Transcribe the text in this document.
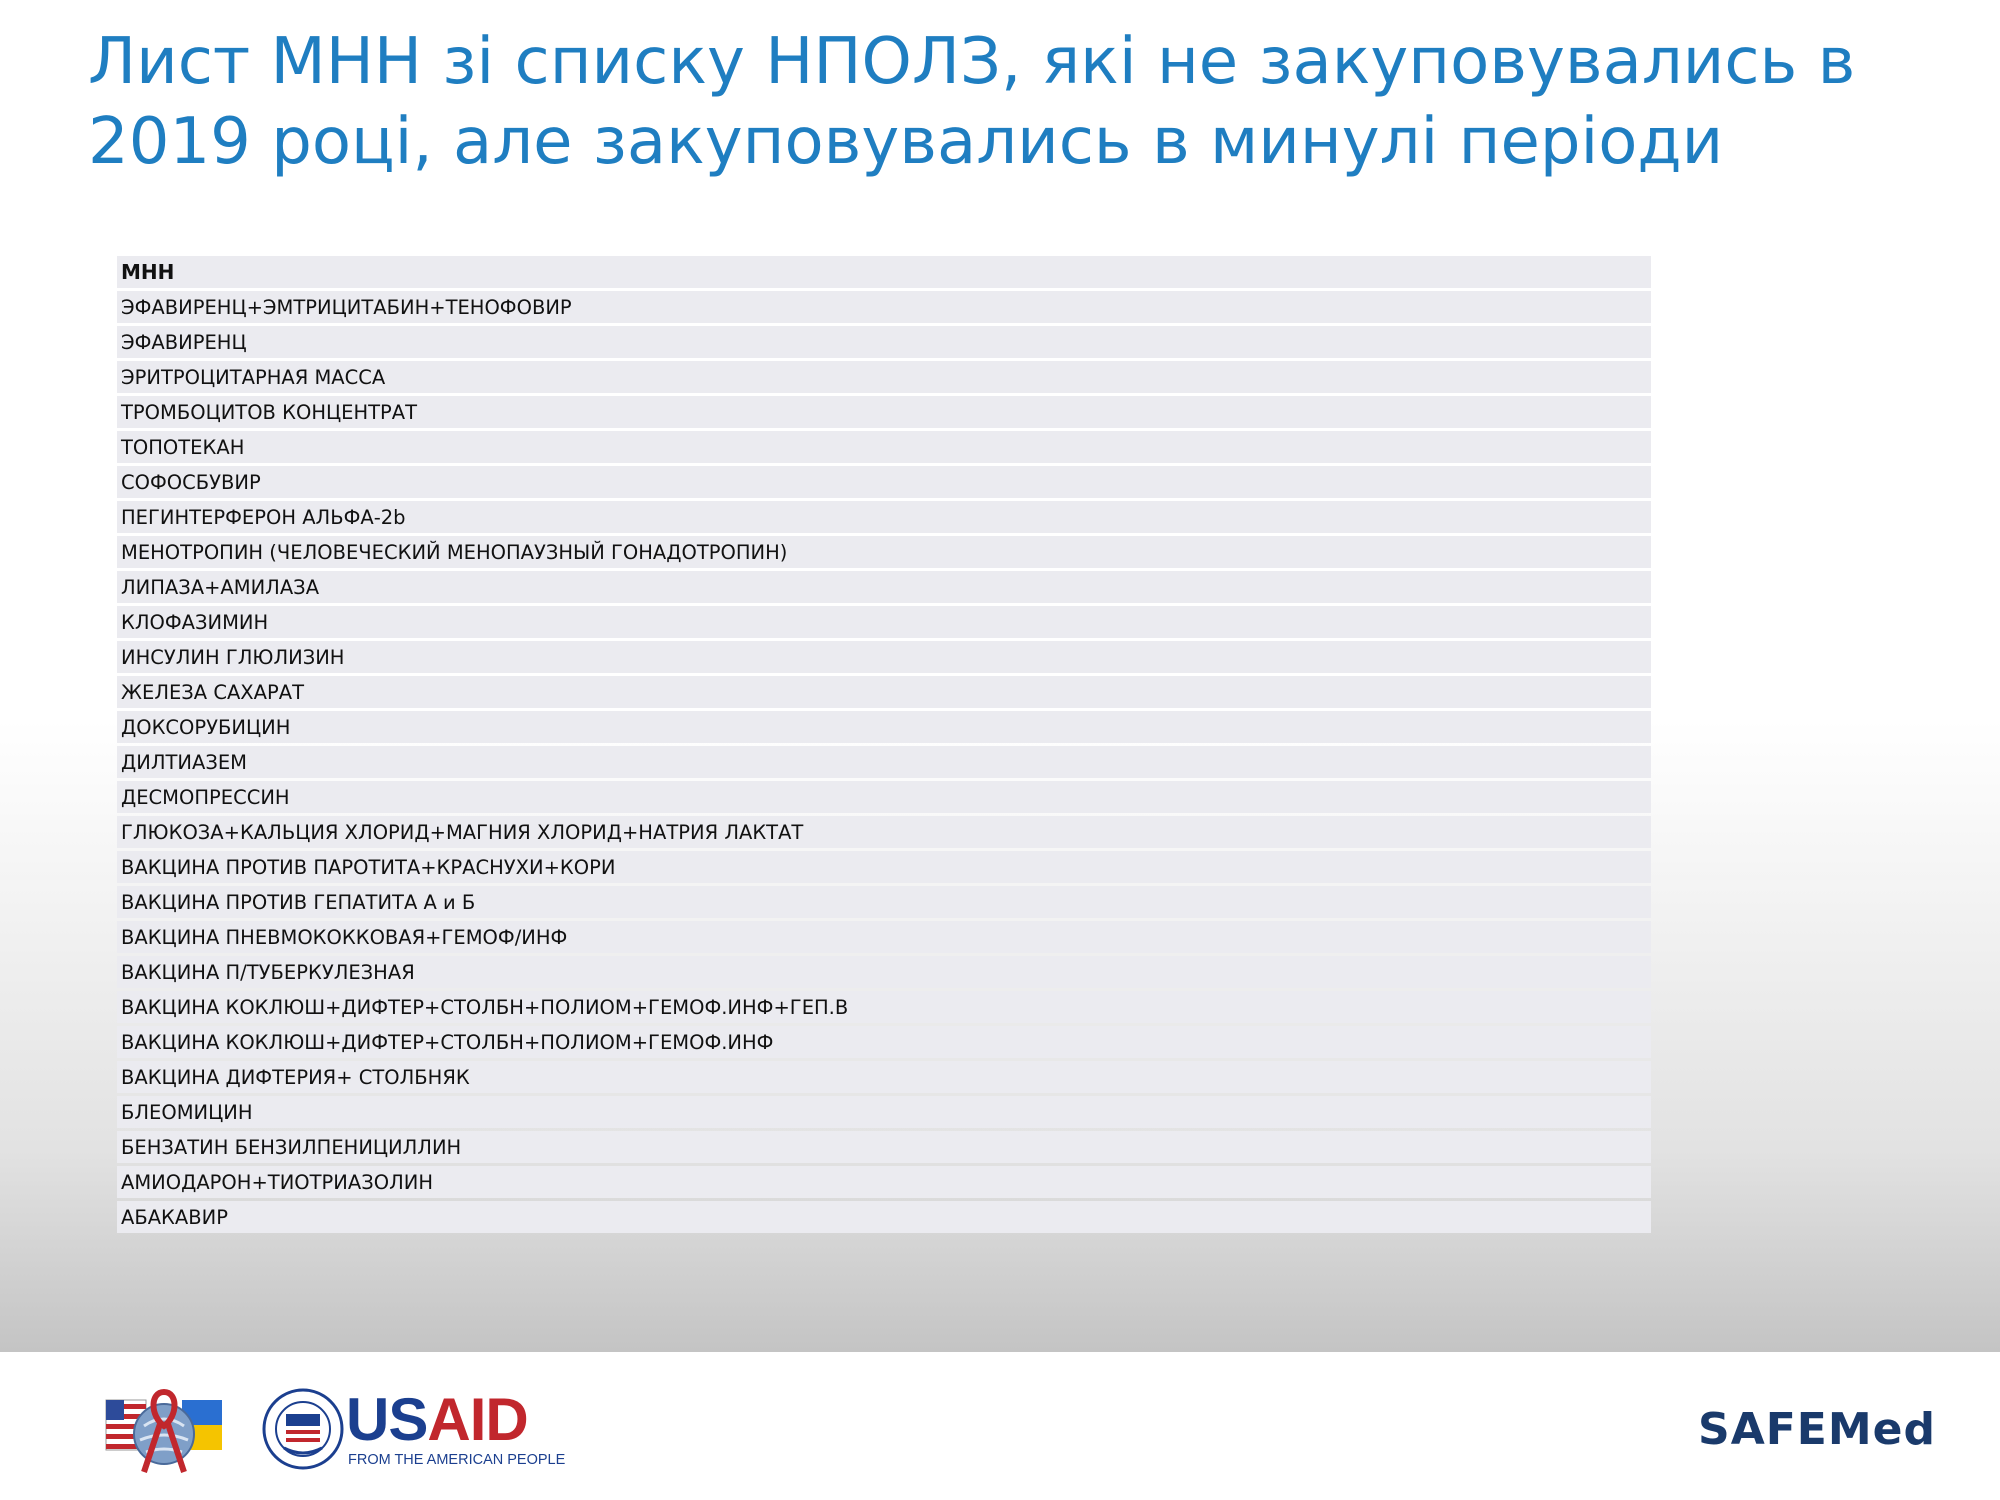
Лист МНН зі списку НПОЛЗ, які не закуповувались в
2019 році, але закуповувались в минулі періоди
МНН
ЭФАВИРЕНЦ+ЭМТРИЦИТАБИН+ТЕНОФОВИР
ЭФАВИРЕНЦ
ЭРИТРОЦИТАРНАЯ МАССА
ТРОМБОЦИТОВ КОНЦЕНТРАТ
ТОПОТЕКАН
СОФОСБУВИР
ПЕГИНТЕРФЕРОН АЛЬФА-2b
МЕНОТРОПИН (ЧЕЛОВЕЧЕСКИЙ МЕНОПАУЗНЫЙ ГОНАДОТРОПИН)
ЛИПАЗА+АМИЛАЗА
КЛОФАЗИМИН
ИНСУЛИН ГЛЮЛИЗИН
ЖЕЛЕЗА САХАРАТ
ДОКСОРУБИЦИН
ДИЛТИАЗЕМ
ДЕСМОПРЕССИН
ГЛЮКОЗА+КАЛЬЦИЯ ХЛОРИД+МАГНИЯ ХЛОРИД+НАТРИЯ ЛАКТАТ
ВАКЦИНА ПРОТИВ ПАРОТИТА+КРАСНУХИ+КОРИ
ВАКЦИНА ПРОТИВ ГЕПАТИТА А и Б
ВАКЦИНА ПНЕВМОКОККОВАЯ+ГЕМОФ/ИНФ
ВАКЦИНА П/ТУБЕРКУЛЕЗНАЯ
ВАКЦИНА КОКЛЮШ+ДИФТЕР+СТОЛБН+ПОЛИОМ+ГЕМОФ.ИНФ+ГЕП.В
ВАКЦИНА КОКЛЮШ+ДИФТЕР+СТОЛБН+ПОЛИОМ+ГЕМОФ.ИНФ
ВАКЦИНА ДИФТЕРИЯ+ СТОЛБНЯК
БЛЕОМИЦИН
БЕНЗАТИН БЕНЗИЛПЕНИЦИЛЛИН
АМИОДАРОН+ТИОТРИАЗОЛИН
АБАКАВИР
USAID
FROM THE AMERICAN PEOPLE
SAFEMed
